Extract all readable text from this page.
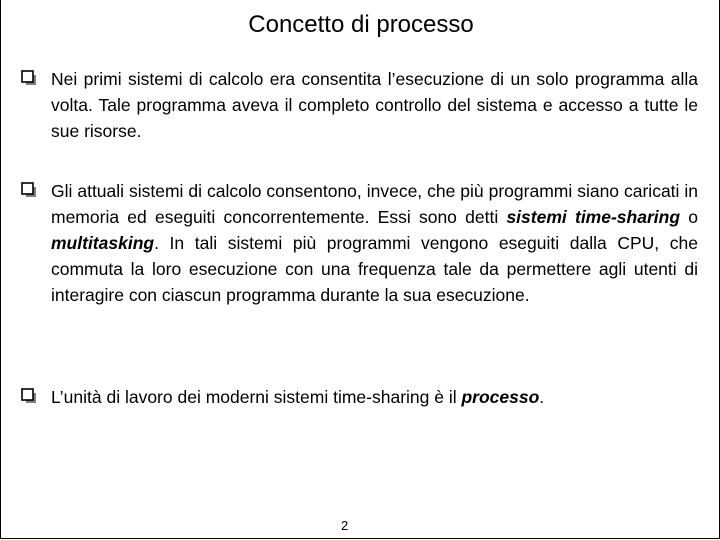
Concetto di processo
Nei primi sistemi di calcolo era consentita l’esecuzione di un solo programma alla volta. Tale programma aveva il completo controllo del sistema e accesso a tutte le sue risorse.
Gli attuali sistemi di calcolo consentono, invece, che più programmi siano caricati in memoria ed eseguiti concorrentemente. Essi sono detti sistemi time-sharing o multitasking. In tali sistemi più programmi vengono eseguiti dalla CPU, che commuta la loro esecuzione con una frequenza tale da permettere agli utenti di interagire con ciascun programma durante la sua esecuzione.
L’unità di lavoro dei moderni sistemi time-sharing è il processo.
2
